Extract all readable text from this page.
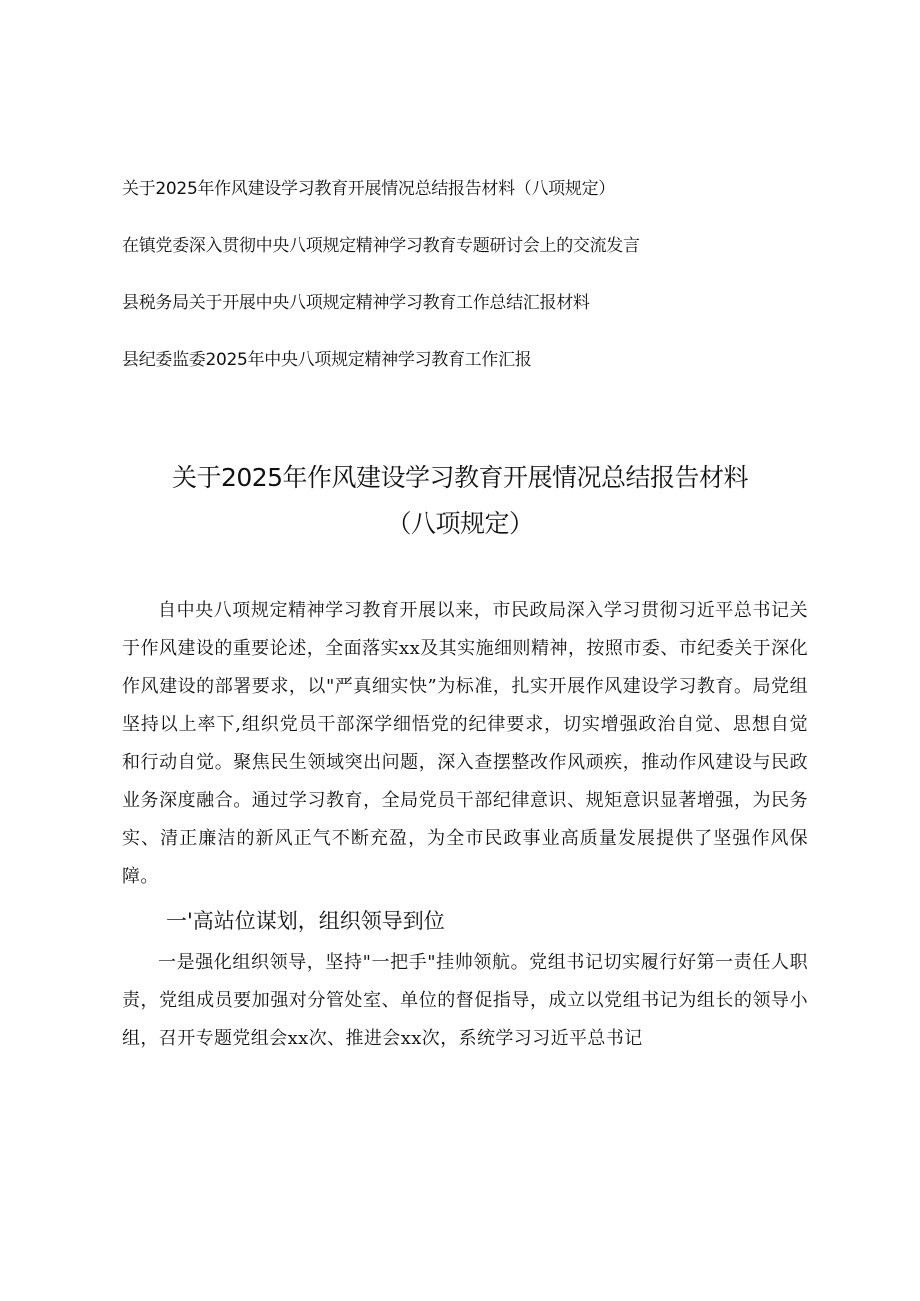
关于2025年作风建设学习教育开展情况总结报告材料（八项规定）
在镇党委深入贯彻中央八项规定精神学习教育专题研讨会上的交流发言
县税务局关于开展中央八项规定精神学习教育工作总结汇报材料
县纪委监委2025年中央八项规定精神学习教育工作汇报
关于2025年作风建设学习教育开展情况总结报告材料
（八项规定）

自中央八项规定精神学习教育开展以来，市民政局深入学习贯彻习近平总书记关于作风建设的重要论述，全面落实xx及其实施细则精神，按照市委、市纪委关于深化作风建设的部署要求，以"严真细实快”为标准，扎实开展作风建设学习教育。局党组坚持以上率下,组织党员干部深学细悟党的纪律要求，切实增强政治自觉、思想自觉和行动自觉。聚焦民生领域突出问题，深入查摆整改作风顽疾，推动作风建设与民政业务深度融合。通过学习教育，全局党员干部纪律意识、规矩意识显著增强，为民务实、清正廉洁的新风正气不断充盈，为全市民政事业高质量发展提供了坚强作风保障。

一'高站位谋划，组织领导到位

一是强化组织领导，坚持"一把手"挂帅领航。党组书记切实履行好第一责任人职责，党组成员要加强对分管处室、单位的督促指导，成立以党组书记为组长的领导小组，召开专题党组会xx次、推进会xx次，系统学习习近平总书记
